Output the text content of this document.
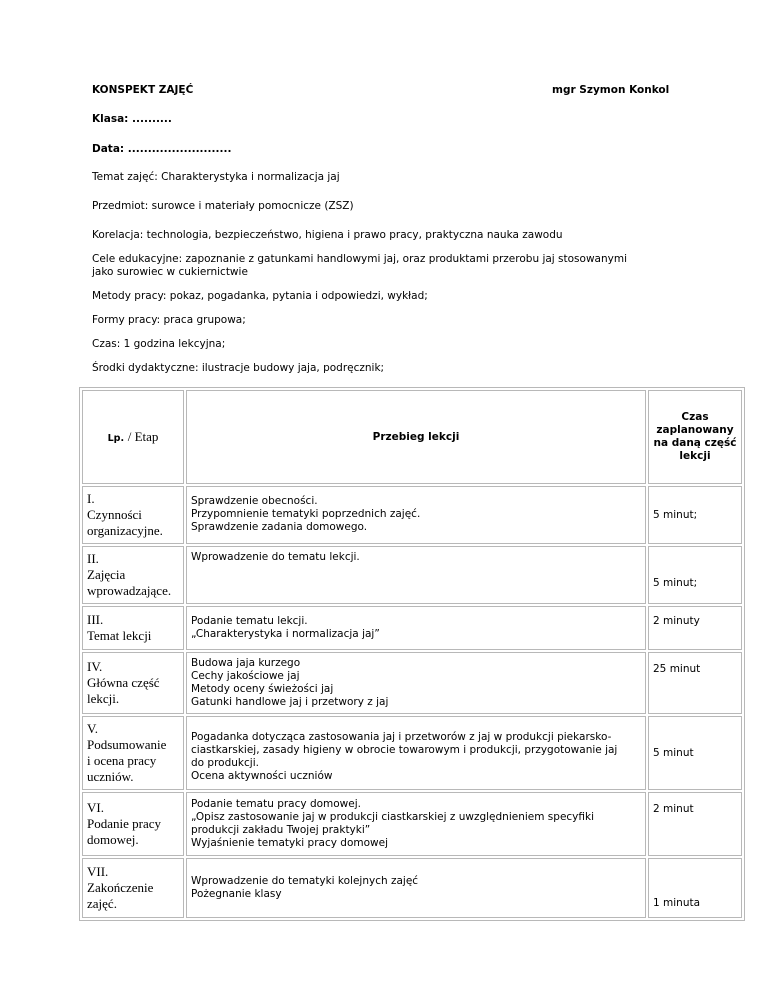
KONSPEKT ZAJĘĆ	mgr Szymon Konkol
Klasa: ..........
Data: ..........................
Temat zajęć: Charakterystyka i normalizacja jaj
Przedmiot: surowce i materiały pomocnicze (ZSZ)
Korelacja: technologia, bezpieczeństwo, higiena i prawo pracy, praktyczna nauka zawodu
Cele edukacyjne: zapoznanie z gatunkami handlowymi jaj, oraz produktami przerobu jaj stosowanymi
jako surowiec w cukiernictwie
Metody pracy: pokaz, pogadanka, pytania i odpowiedzi, wykład;
Formy pracy: praca grupowa;
Czas: 1 godzina lekcyjna;
Środki dydaktyczne: ilustracje budowy jaja, podręcznik;
Lp. / Etap	Przebieg lekcji	Czas
zaplanowany
na daną część
lekcji

I.
Czynności
organizacyjne.	Sprawdzenie obecności.
Przypomnienie tematyki poprzednich zajęć.
Sprawdzenie zadania domowego.	5 minut;

II.
Zajęcia
wprowadzające.	Wprowadzenie do tematu lekcji.	5 minut;

III.
Temat lekcji	Podanie tematu lekcji.
„Charakterystyka i normalizacja jaj”	2 minuty

IV.
Główna część
lekcji.	Budowa jaja kurzego
Cechy jakościowe jaj
Metody oceny świeżości jaj
Gatunki handlowe jaj i przetwory z jaj	25 minut

V.
Podsumowanie
i ocena pracy
uczniów.	Pogadanka dotycząca zastosowania jaj i przetworów z jaj w produkcji piekarsko-
ciastkarskiej, zasady higieny w obrocie towarowym i produkcji, przygotowanie jaj
do produkcji.
Ocena aktywności uczniów	5 minut

VI.
Podanie pracy
domowej.	Podanie tematu pracy domowej.
„Opisz zastosowanie jaj w produkcji ciastkarskiej z uwzględnieniem specyfiki
produkcji zakładu Twojej praktyki”
Wyjaśnienie tematyki pracy domowej	2 minut

VII.
Zakończenie
zajęć.	Wprowadzenie do tematyki kolejnych zajęć
Pożegnanie klasy	1 minuta
